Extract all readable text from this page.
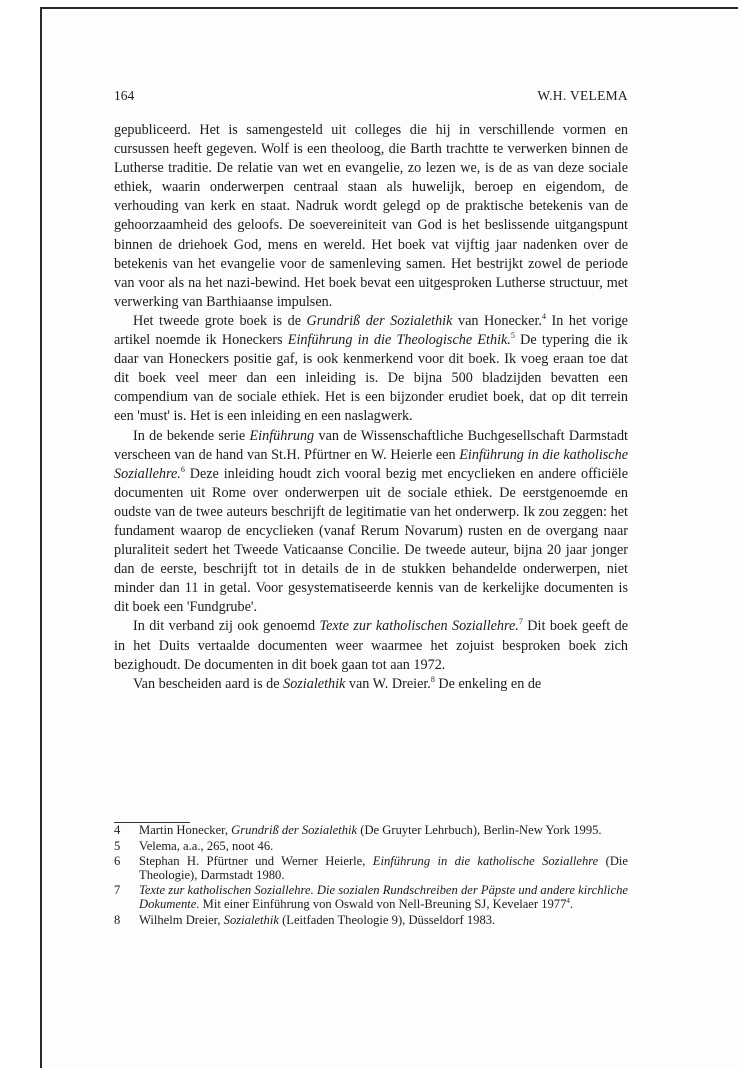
164	W.H. VELEMA

gepubliceerd. Het is samengesteld uit colleges die hij in verschillende vormen en cursussen heeft gegeven. Wolf is een theoloog, die Barth trachtte te verwerken binnen de Lutherse traditie. De relatie van wet en evangelie, zo lezen we, is de as van deze sociale ethiek, waarin onderwerpen centraal staan als huwelijk, beroep en eigendom, de verhouding van kerk en staat. Nadruk wordt gelegd op de praktische betekenis van de gehoorzaamheid des geloofs. De soevereiniteit van God is het beslissende uitgangspunt binnen de driehoek God, mens en wereld. Het boek vat vijftig jaar nadenken over de betekenis van het evangelie voor de samenleving samen. Het bestrijkt zowel de periode van voor als na het nazi-bewind. Het boek bevat een uitgesproken Lutherse structuur, met verwerking van Barthiaanse impulsen.

Het tweede grote boek is de Grundriß der Sozialethik van Honecker.$^4$ In het vorige artikel noemde ik Honeckers Einführung in die Theologische Ethik.$^5$ De typering die ik daar van Honeckers positie gaf, is ook kenmerkend voor dit boek. Ik voeg eraan toe dat dit boek veel meer dan een inleiding is. De bijna 500 bladzijden bevatten een compendium van de sociale ethiek. Het is een bijzonder erudiet boek, dat op dit terrein een 'must' is. Het is een inleiding en een naslagwerk.

In de bekende serie Einführung van de Wissenschaftliche Buchgesellschaft Darmstadt verscheen van de hand van St.H. Pfürtner en W. Heierle een Einführung in die katholische Soziallehre.$^6$ Deze inleiding houdt zich vooral bezig met encyclieken en andere officiële documenten uit Rome over onderwerpen uit de sociale ethiek. De eerstgenoemde en oudste van de twee auteurs beschrijft de legitimatie van het onderwerp. Ik zou zeggen: het fundament waarop de encyclieken (vanaf Rerum Novarum) rusten en de overgang naar pluraliteit sedert het Tweede Vaticaanse Concilie. De tweede auteur, bijna 20 jaar jonger dan de eerste, beschrijft tot in details de in de stukken behandelde onderwerpen, niet minder dan 11 in getal. Voor gesystematiseerde kennis van de kerkelijke documenten is dit boek een 'Fundgrube'.

In dit verband zij ook genoemd Texte zur katholischen Soziallehre.$^7$ Dit boek geeft de in het Duits vertaalde documenten weer waarmee het zojuist besproken boek zich bezighoudt. De documenten in dit boek gaan tot aan 1972.

Van bescheiden aard is de Sozialethik van W. Dreier.$^8$ De enkeling en de

4 Martin Honecker, Grundriß der Sozialethik (De Gruyter Lehrbuch), Berlin-New York 1995.
5 Velema, a.a., 265, noot 46.
6 Stephan H. Pfürtner und Werner Heierle, Einführung in die katholische Soziallehre (Die Theologie), Darmstadt 1980.
7 Texte zur katholischen Soziallehre. Die sozialen Rundschreiben der Päpste und andere kirchliche Dokumente. Mit einer Einführung von Oswald von Nell-Breuning SJ, Kevelaer 1977$^4$.
8 Wilhelm Dreier, Sozialethik (Leitfaden Theologie 9), Düsseldorf 1983.
